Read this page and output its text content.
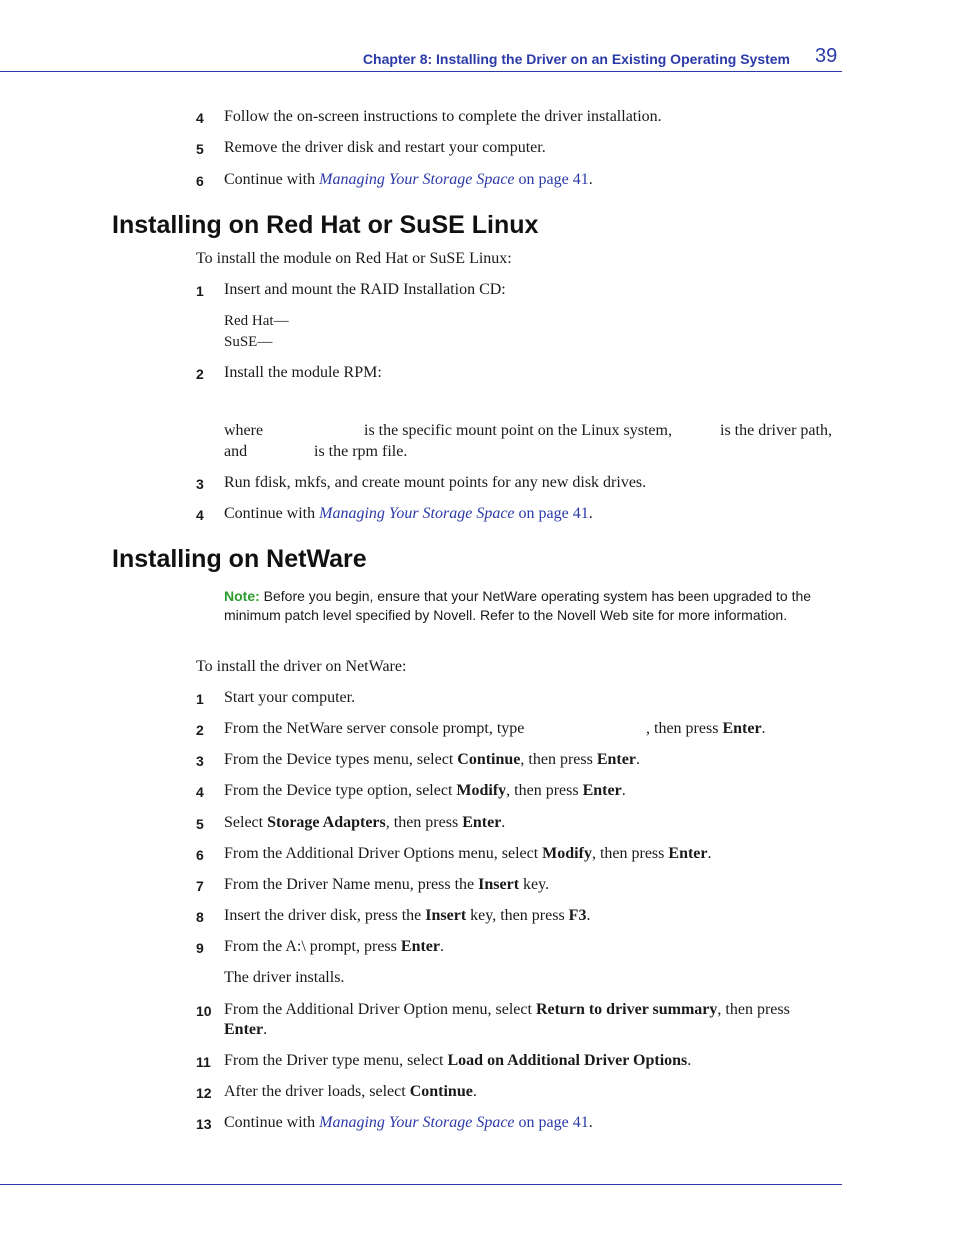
Chapter 8: Installing the Driver on an Existing Operating System 39
4 Follow the on-screen instructions to complete the driver installation.
5 Remove the driver disk and restart your computer.
6 Continue with Managing Your Storage Space on page 41.
Installing on Red Hat or SuSE Linux
To install the module on Red Hat or SuSE Linux:
1 Insert and mount the RAID Installation CD:
Red Hat—
SuSE—
2 Install the module RPM:
where	is the specific mount point on the Linux system,	is the driver path,
and	is the rpm file.
3 Run fdisk, mkfs, and create mount points for any new disk drives.
4 Continue with Managing Your Storage Space on page 41.
Installing on NetWare
Note: Before you begin, ensure that your NetWare operating system has been upgraded to the minimum patch level specified by Novell. Refer to the Novell Web site for more information.
To install the driver on NetWare:
1 Start your computer.
2 From the NetWare server console prompt, type	, then press Enter.
3 From the Device types menu, select Continue, then press Enter.
4 From the Device type option, select Modify, then press Enter.
5 Select Storage Adapters, then press Enter.
6 From the Additional Driver Options menu, select Modify, then press Enter.
7 From the Driver Name menu, press the Insert key.
8 Insert the driver disk, press the Insert key, then press F3.
9 From the A:\ prompt, press Enter.
The driver installs.
10 From the Additional Driver Option menu, select Return to driver summary, then press
Enter.
11 From the Driver type menu, select Load on Additional Driver Options.
12 After the driver loads, select Continue.
13 Continue with Managing Your Storage Space on page 41.
